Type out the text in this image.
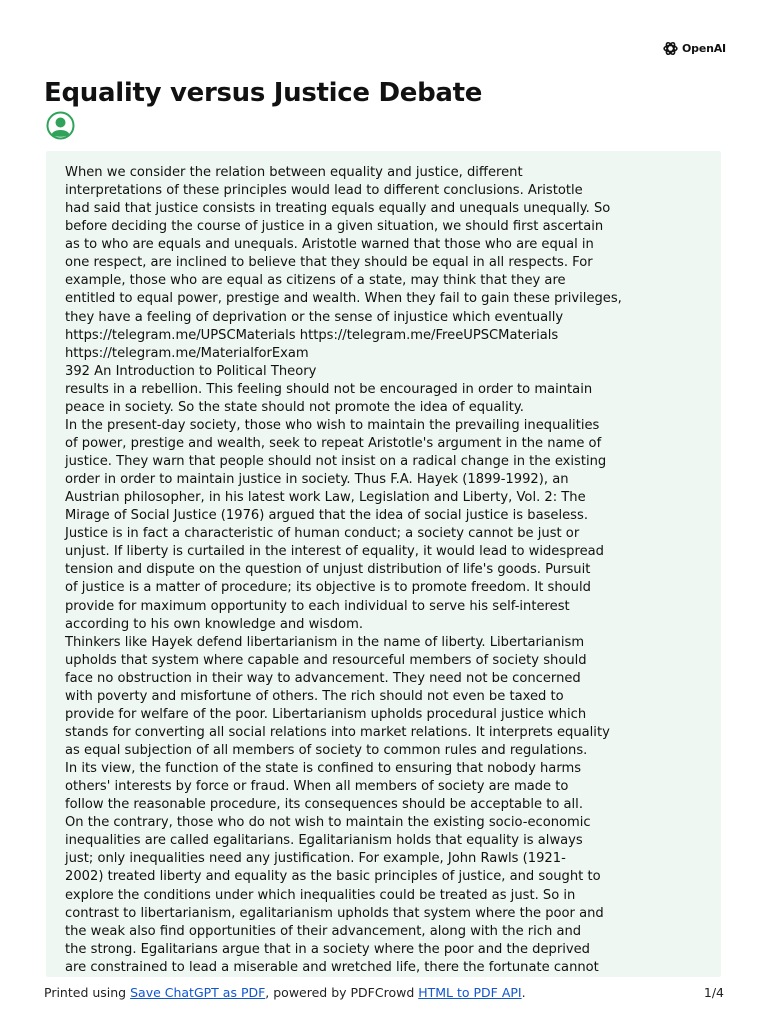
OpenAI
Equality versus Justice Debate
When we consider the relation between equality and justice, different
interpretations of these principles would lead to different conclusions. Aristotle
had said that justice consists in treating equals equally and unequals unequally. So
before deciding the course of justice in a given situation, we should first ascertain
as to who are equals and unequals. Aristotle warned that those who are equal in
one respect, are inclined to believe that they should be equal in all respects. For
example, those who are equal as citizens of a state, may think that they are
entitled to equal power, prestige and wealth. When they fail to gain these privileges,
they have a feeling of deprivation or the sense of injustice which eventually
https://telegram.me/UPSCMaterials https://telegram.me/FreeUPSCMaterials
https://telegram.me/MaterialforExam
392 An Introduction to Political Theory
results in a rebellion. This feeling should not be encouraged in order to maintain
peace in society. So the state should not promote the idea of equality.
In the present-day society, those who wish to maintain the prevailing inequalities
of power, prestige and wealth, seek to repeat Aristotle's argument in the name of
justice. They warn that people should not insist on a radical change in the existing
order in order to maintain justice in society. Thus F.A. Hayek (1899-1992), an
Austrian philosopher, in his latest work Law, Legislation and Liberty, Vol. 2: The
Mirage of Social Justice (1976) argued that the idea of social justice is baseless.
Justice is in fact a characteristic of human conduct; a society cannot be just or
unjust. If liberty is curtailed in the interest of equality, it would lead to widespread
tension and dispute on the question of unjust distribution of life's goods. Pursuit
of justice is a matter of procedure; its objective is to promote freedom. It should
provide for maximum opportunity to each individual to serve his self-interest
according to his own knowledge and wisdom.
Thinkers like Hayek defend libertarianism in the name of liberty. Libertarianism
upholds that system where capable and resourceful members of society should
face no obstruction in their way to advancement. They need not be concerned
with poverty and misfortune of others. The rich should not even be taxed to
provide for welfare of the poor. Libertarianism upholds procedural justice which
stands for converting all social relations into market relations. It interprets equality
as equal subjection of all members of society to common rules and regulations.
In its view, the function of the state is confined to ensuring that nobody harms
others' interests by force or fraud. When all members of society are made to
follow the reasonable procedure, its consequences should be acceptable to all.
On the contrary, those who do not wish to maintain the existing socio-economic
inequalities are called egalitarians. Egalitarianism holds that equality is always
just; only inequalities need any justification. For example, John Rawls (1921-
2002) treated liberty and equality as the basic principles of justice, and sought to
explore the conditions under which inequalities could be treated as just. So in
contrast to libertarianism, egalitarianism upholds that system where the poor and
the weak also find opportunities of their advancement, along with the rich and
the strong. Egalitarians argue that in a society where the poor and the deprived
are constrained to lead a miserable and wretched life, there the fortunate cannot
Printed using Save ChatGPT as PDF, powered by PDFCrowd HTML to PDF API.	1/4
